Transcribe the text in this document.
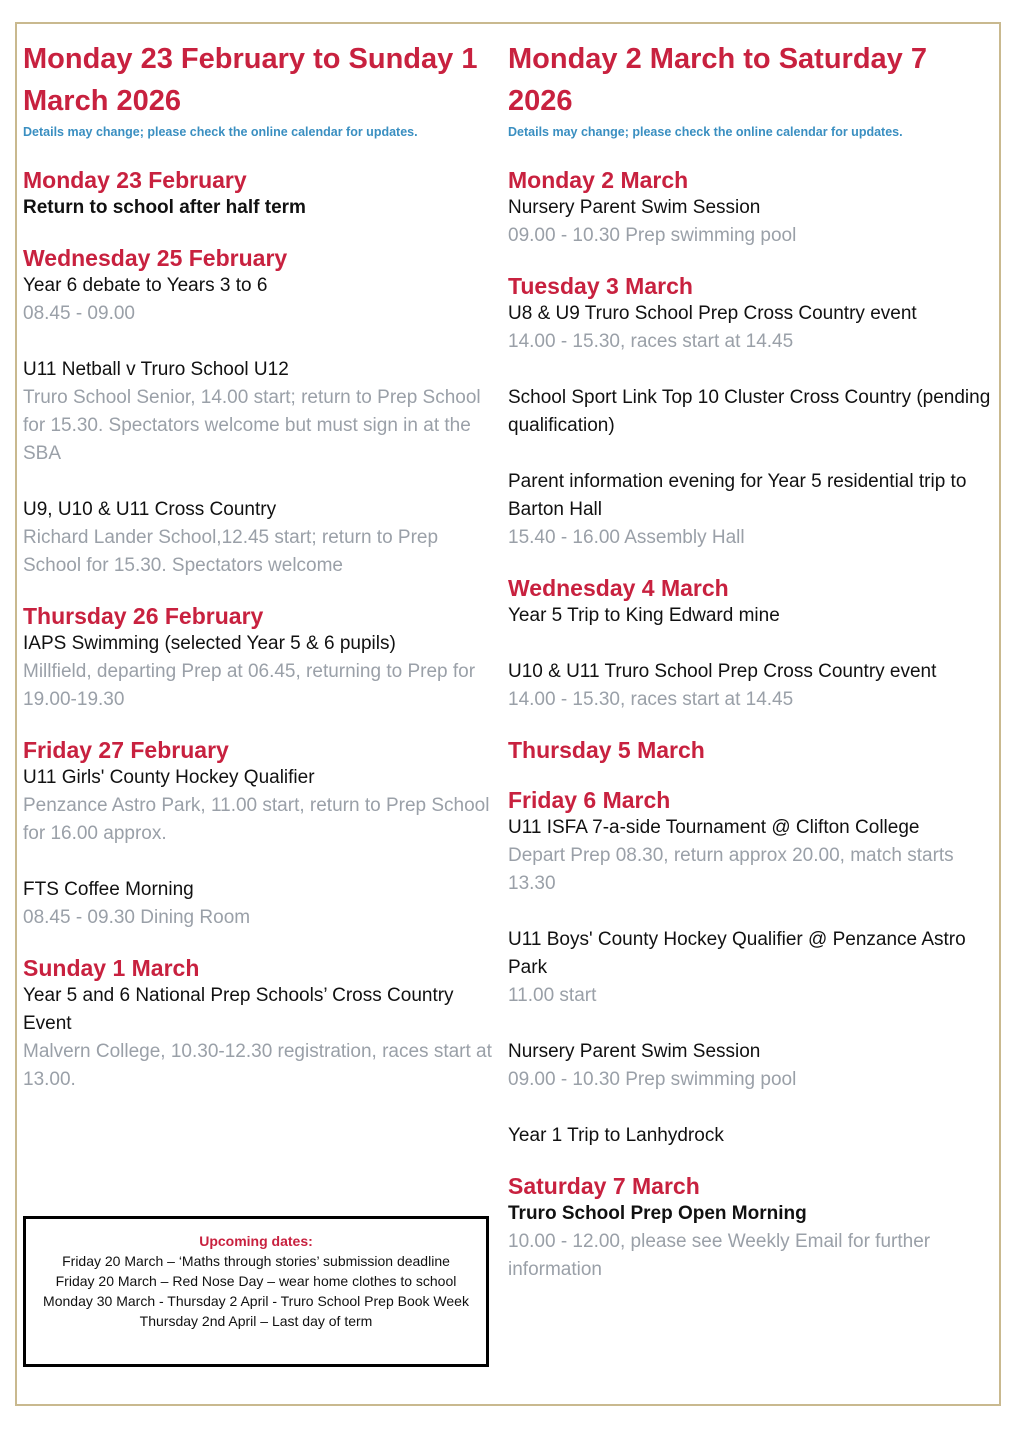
Monday 23 February to Sunday 1 March 2026

Details may change; please check the online calendar for updates.

Monday 23 February

Return to school after half term

Wednesday 25 February

Year 6 debate to Years 3 to 6

08.45 - 09.00

U11 Netball v Truro School U12

Truro School Senior, 14.00 start; return to Prep School for 15.30. Spectators welcome but must sign in at the SBA

U9, U10 & U11 Cross Country

Richard Lander School,12.45 start; return to Prep School for 15.30. Spectators welcome

Thursday 26 February

IAPS Swimming (selected Year 5 & 6 pupils)

Millfield, departing Prep at 06.45, returning to Prep for 19.00-19.30

Friday 27 February

U11 Girls' County Hockey Qualifier

Penzance Astro Park, 11.00 start, return to Prep School for 16.00 approx.

FTS Coffee Morning

08.45 - 09.30 Dining Room

Sunday 1 March

Year 5 and 6 National Prep Schools’ Cross Country Event

Malvern College, 10.30-12.30 registration, races start at 13.00.

Monday 2 March to Saturday 7 2026

Details may change; please check the online calendar for updates.

Monday 2 March

Nursery Parent Swim Session

09.00 - 10.30 Prep swimming pool

Tuesday 3 March

U8 & U9 Truro School Prep Cross Country event

14.00 - 15.30, races start at 14.45

School Sport Link Top 10 Cluster Cross Country (pending qualification)

Parent information evening for Year 5 residential trip to Barton Hall

15.40 - 16.00 Assembly Hall

Wednesday 4 March

Year 5 Trip to King Edward mine

U10 & U11 Truro School Prep Cross Country event

14.00 - 15.30, races start at 14.45

Thursday 5 March
Friday 6 March

U11 ISFA 7-a-side Tournament @ Clifton College

Depart Prep 08.30, return approx 20.00, match starts 13.30

U11 Boys' County Hockey Qualifier @ Penzance Astro Park

11.00 start

Nursery Parent Swim Session

09.00 - 10.30 Prep swimming pool

Year 1 Trip to Lanhydrock

Saturday 7 March

Truro School Prep Open Morning

10.00 - 12.00, please see Weekly Email for further information

Upcoming dates:

Friday 20 March – ‘Maths through stories’ submission deadline

Friday 20 March – Red Nose Day – wear home clothes to school

Monday 30 March - Thursday 2 April - Truro School Prep Book Week

Thursday 2nd April – Last day of term
